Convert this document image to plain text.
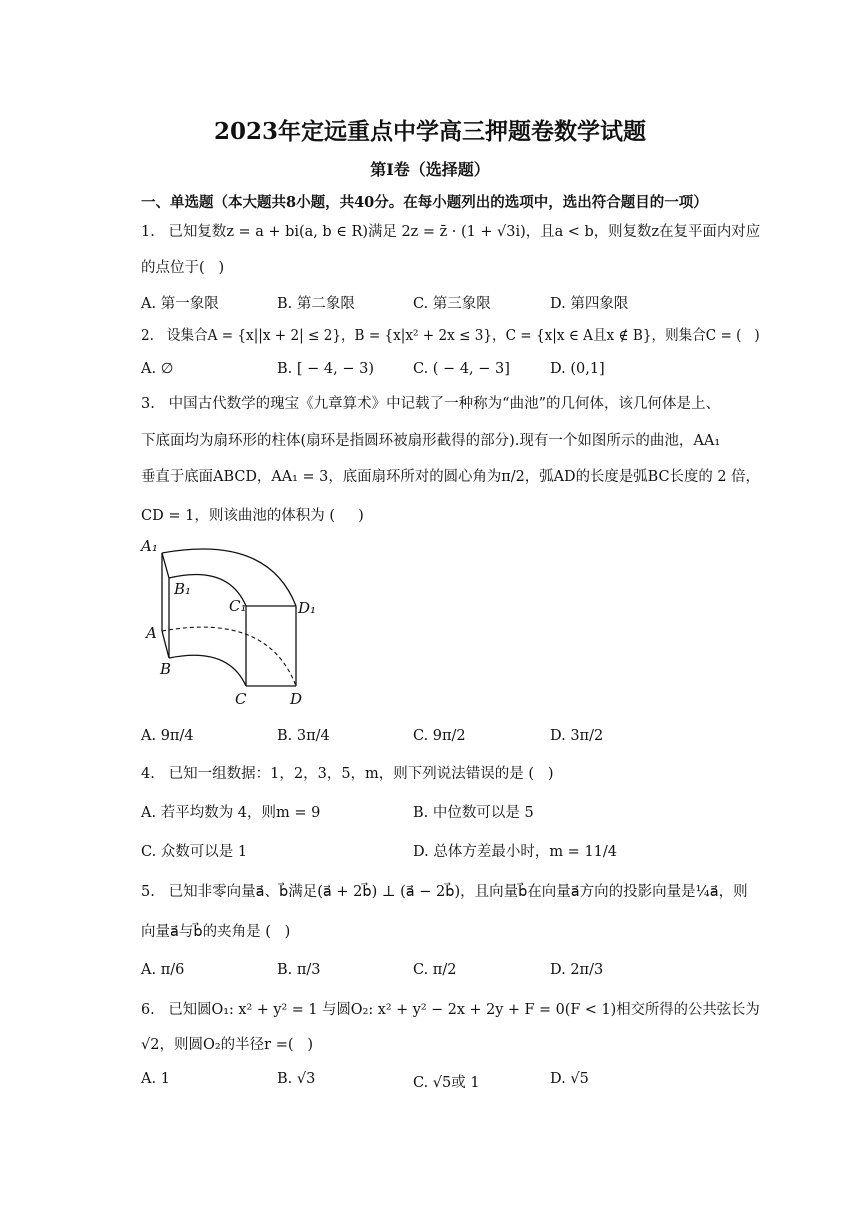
2023年定远重点中学高三押题卷数学试题
第I卷（选择题）
一、单选题（本大题共8小题，共40分。在每小题列出的选项中，选出符合题目的一项）
1.   已知复数z = a + bi(a, b ∈ R)满足 2z = z̄ · (1 + √3i)，且a < b，则复数z在复平面内对应
的点位于(   )
A. 第一象限	B. 第二象限	C. 第三象限	D. 第四象限
2.   设集合A = {x||x + 2| ≤ 2}，B = {x|x² + 2x ≤ 3}，C = {x|x ∈ A且x ∉ B}，则集合C = (   )
A. ∅	B. [ − 4, − 3)	C. ( − 4, − 3]	D. (0,1]
3.   中国古代数学的瑰宝《九章算术》中记载了一种称为“曲池”的几何体，该几何体是上、
下底面均为扇环形的柱体(扇环是指圆环被扇形截得的部分).现有一个如图所示的曲池，AA₁
垂直于底面ABCD，AA₁ = 3，底面扇环所对的圆心角为π/2，弧AD的长度是弧BC长度的 2 倍，
CD = 1，则该曲池的体积为 (     )
A₁
B₁
C₁	D₁
A
B
C	D
A. 9π/4	B. 3π/4	C. 9π/2	D. 3π/2
4.   已知一组数据：1，2，3，5，m，则下列说法错误的是 (   )
A. 若平均数为 4，则m = 9	B. 中位数可以是 5
C. 众数可以是 1	D. 总体方差最小时，m = 11/4
5.   已知非零向量a⃗、b⃗满足(a⃗ + 2b⃗) ⊥ (a⃗ − 2b⃗)，且向量b⃗在向量a⃗方向的投影向量是¼a⃗，则
向量a⃗与b⃗的夹角是 (   )
A. π/6	B. π/3	C. π/2	D. 2π/3
6.   已知圆O₁: x² + y² = 1 与圆O₂: x² + y² − 2x + 2y + F = 0(F < 1)相交所得的公共弦长为
√2，则圆O₂的半径r =(   )
A. 1	B. √3	C. √5或 1	D. √5
